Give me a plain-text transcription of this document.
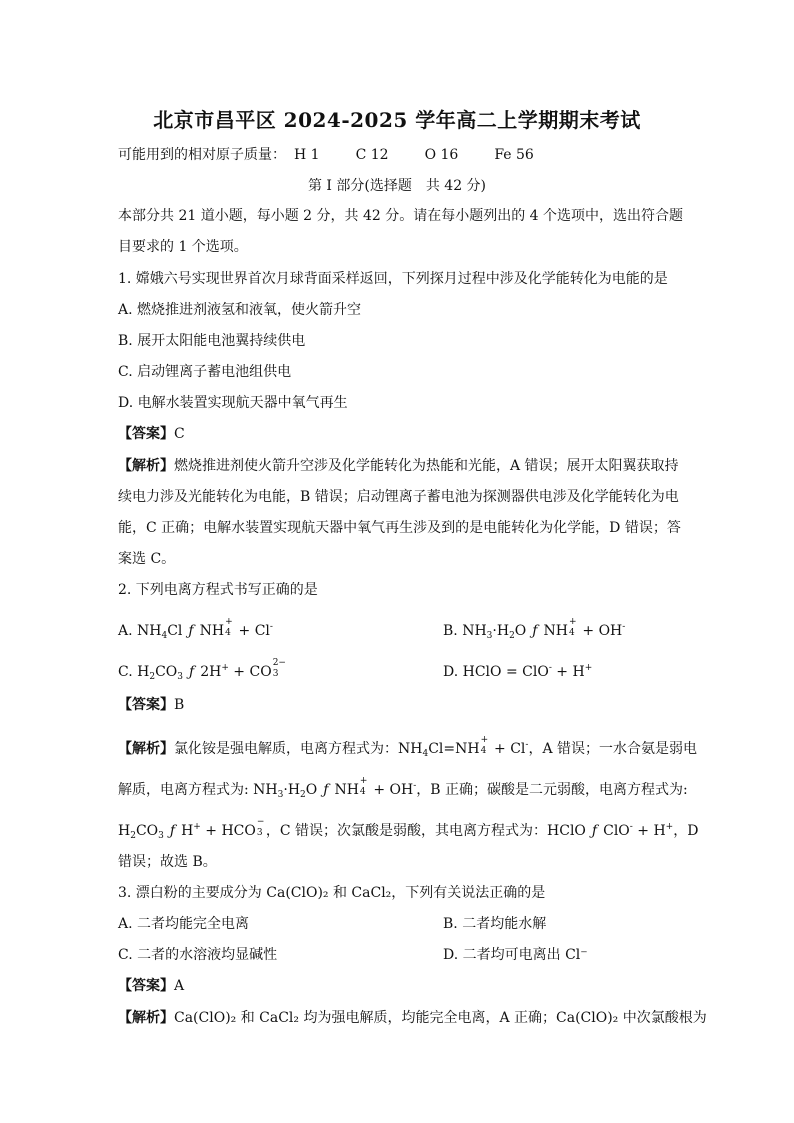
北京市昌平区 2024-2025 学年高二上学期期末考试
可能用到的相对原子质量： H 1	C 12	O 16	Fe 56
第 I 部分(选择题　共 42 分)
本部分共 21 道小题，每小题 2 分，共 42 分。请在每小题列出的 4 个选项中，选出符合题
目要求的 1 个选项。
1. 嫦娥六号实现世界首次月球背面采样返回，下列探月过程中涉及化学能转化为电能的是
A. 燃烧推进剂液氢和液氧，使火箭升空
B. 展开太阳能电池翼持续供电
C. 启动锂离子蓄电池组供电
D. 电解水装置实现航天器中氧气再生
【答案】C
【解析】燃烧推进剂使火箭升空涉及化学能转化为热能和光能，A 错误；展开太阳翼获取持
续电力涉及光能转化为电能，B 错误；启动锂离子蓄电池为探测器供电涉及化学能转化为电
能，C 正确；电解水装置实现航天器中氧气再生涉及到的是电能转化为化学能，D 错误；答
案选 C。
2. 下列电离方程式书写正确的是
A. $NH_4Cl$ ƒ NH
+
4 + Cl-	B. $NH_3\cdot H_2O$ ƒ NH
+
4 + OH-
C. $H_2CO_3$ ƒ 2H+ + CO
2−
3	D. HClO = ClO- + H+
【答案】B
【解析】氯化铵是强电解质，电离方程式为：$NH_4Cl=NH$
+
4 + Cl-，A 错误；一水合氨是弱电
解质，电离方程式为: $NH_3\cdot H_2O$ ƒ NH
+
4 + OH-，B 正确；碳酸是二元弱酸，电离方程式为:
$H_2CO_3$ ƒ H+ + HCO
−
3 ，C 错误；次氯酸是弱酸，其电离方程式为：HClO ƒ ClO- + H+，D
错误；故选 B。
3. 漂白粉的主要成分为 Ca(ClO)₂ 和 CaCl₂，下列有关说法正确的是
A. 二者均能完全电离	B. 二者均能水解
C. 二者的水溶液均显碱性	D. 二者均可电离出 Cl⁻
【答案】A
【解析】Ca(ClO)₂ 和 CaCl₂ 均为强电解质，均能完全电离，A 正确；Ca(ClO)₂ 中次氯酸根为
